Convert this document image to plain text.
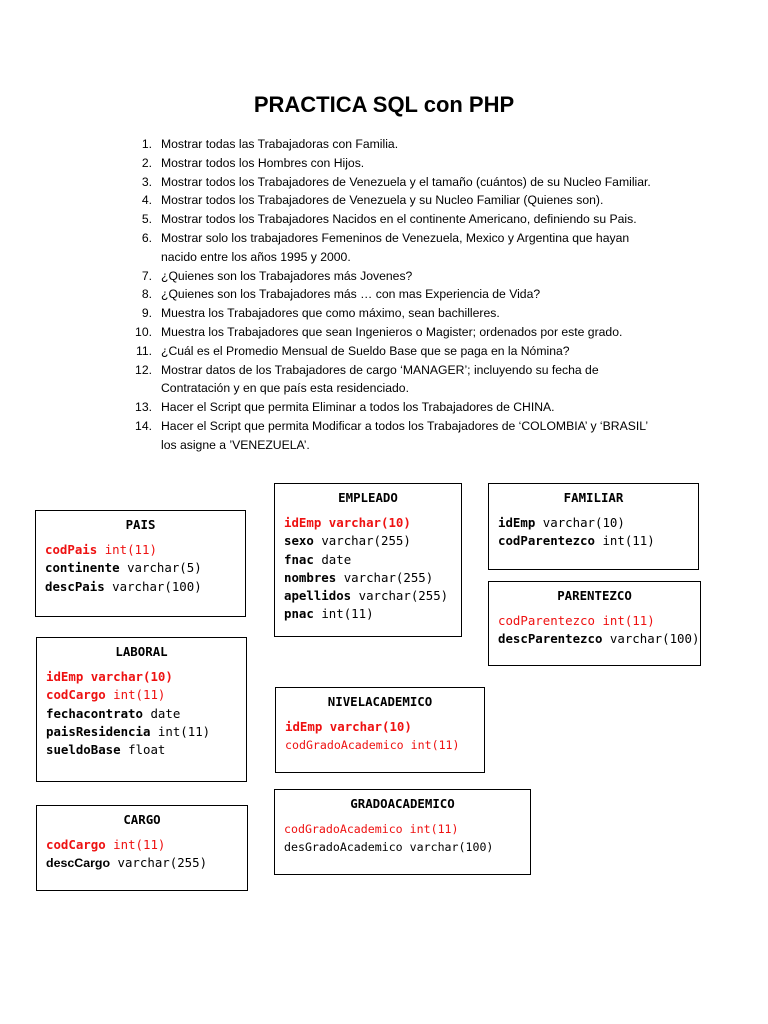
PRACTICA SQL con PHP
1. Mostrar todas las Trabajadoras con Familia.
2. Mostrar todos los Hombres con Hijos.
3. Mostrar todos los Trabajadores de Venezuela y el tamaño (cuántos) de su Nucleo Familiar.
4. Mostrar todos los Trabajadores de Venezuela y su Nucleo Familiar (Quienes son).
5. Mostrar todos los Trabajadores Nacidos en el continente Americano, definiendo su Pais.
6. Mostrar solo los trabajadores Femeninos de Venezuela, Mexico y Argentina que hayan
nacido entre los años 1995 y 2000.
7. ¿Quienes son los Trabajadores más Jovenes?
8. ¿Quienes son los Trabajadores más … con mas Experiencia de Vida?
9. Muestra los Trabajadores que como máximo, sean bachilleres.
10. Muestra los Trabajadores que sean Ingenieros o Magister; ordenados por este grado.
11. ¿Cuál es el Promedio Mensual de Sueldo Base que se paga en la Nómina?
12. Mostrar datos de los Trabajadores de cargo ‘MANAGER’; incluyendo su fecha de
Contratación y en que país esta residenciado.
13. Hacer el Script que permita Eliminar a todos los Trabajadores de CHINA.
14. Hacer el Script que permita Modificar a todos los Trabajadores de ‘COLOMBIA’ y ‘BRASIL’
los asigne a ’VENEZUELA’.
PAIS
codPais int(11)
continente varchar(5)
descPais varchar(100)
EMPLEADO
idEmp varchar(10)
sexo varchar(255)
fnac date
nombres varchar(255)
apellidos varchar(255)
pnac int(11)
FAMILIAR
idEmp varchar(10)
codParentezco int(11)
PARENTEZCO
codParentezco int(11)
descParentezco varchar(100)
LABORAL
idEmp varchar(10)
codCargo int(11)
fechacontrato date
paisResidencia int(11)
sueldoBase float
NIVELACADEMICO
idEmp varchar(10)
codGradoAcademico int(11)
CARGO
codCargo int(11)
descCargo varchar(255)
GRADOACADEMICO
codGradoAcademico int(11)
desGradoAcademico varchar(100)
